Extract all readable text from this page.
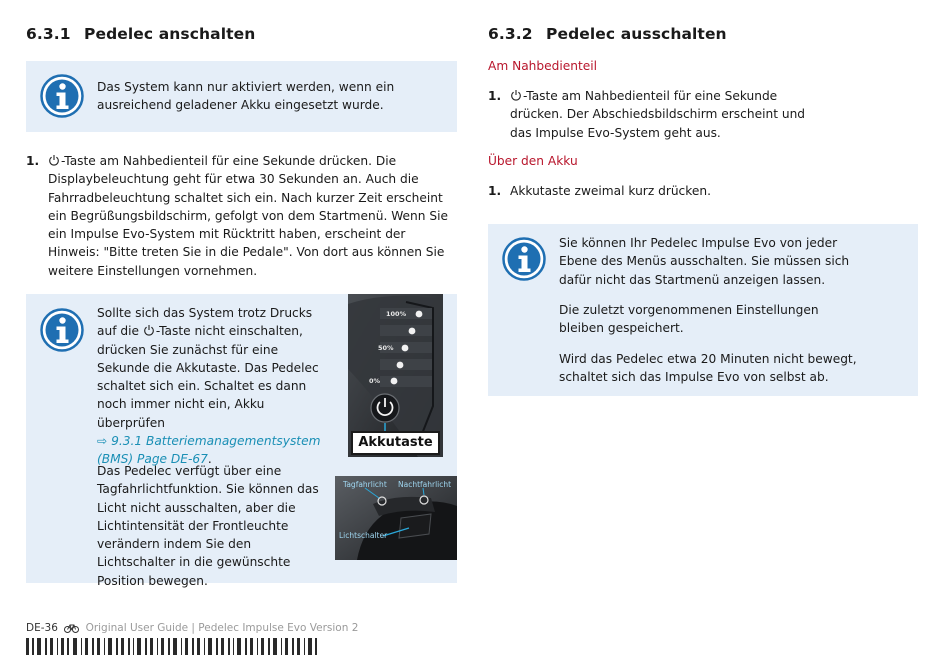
6.3.1 Pedelec anschalten

Das System kann nur aktiviert werden, wenn ein ausreichend geladener Akku eingesetzt wurde.

1.	-Taste am Nahbedienteil für eine Sekunde drücken. Die Displaybeleuchtung geht für etwa 30 Sekunden an. Auch die Fahrradbeleuchtung schaltet sich ein. Nach kurzer Zeit erscheint ein Begrüßungsbildschirm, gefolgt von dem Startmenü. Wenn Sie ein Impulse Evo-System mit Rücktritt haben, erscheint der Hinweis: "Bitte treten Sie in die Pedale". Von dort aus können Sie weitere Einstellungen vornehmen.

Sollte sich das System trotz Drucks auf die -Taste nicht einschalten, drücken Sie zunächst für eine Sekunde die Akkutaste. Das Pedelec schaltet sich ein. Schaltet es dann noch immer nicht ein, Akku überprüfen
⇨ 9.3.1 Batteriemanagementsystem (BMS) Page DE-67.

Das Pedelec verfügt über eine Tagfahrlichtfunktion. Sie können das Licht nicht ausschalten, aber die Lichtintensität der Frontleuchte verändern indem Sie den Lichtschalter in die gewünschte Position bewegen.

100%
50%
0%
Akkutaste
Tagfahrlicht Nachtfahrlicht
Lichtschalter
6.3.2 Pedelec ausschalten
Am Nahbedienteil
1.	-Taste am Nahbedienteil für eine Sekunde drücken. Der Abschiedsbildschirm erscheint und das Impulse Evo-System geht aus.
Über den Akku
1. Akkutaste zweimal kurz drücken.

Sie können Ihr Pedelec Impulse Evo von jeder Ebene des Menüs ausschalten. Sie müssen sich dafür nicht das Startmenü anzeigen lassen.

Die zuletzt vorgenommenen Einstellungen bleiben gespeichert.

Wird das Pedelec etwa 20 Minuten nicht bewegt, schaltet sich das Impulse Evo von selbst ab.

DE-36	Original User Guide | Pedelec Impulse Evo Version 2
